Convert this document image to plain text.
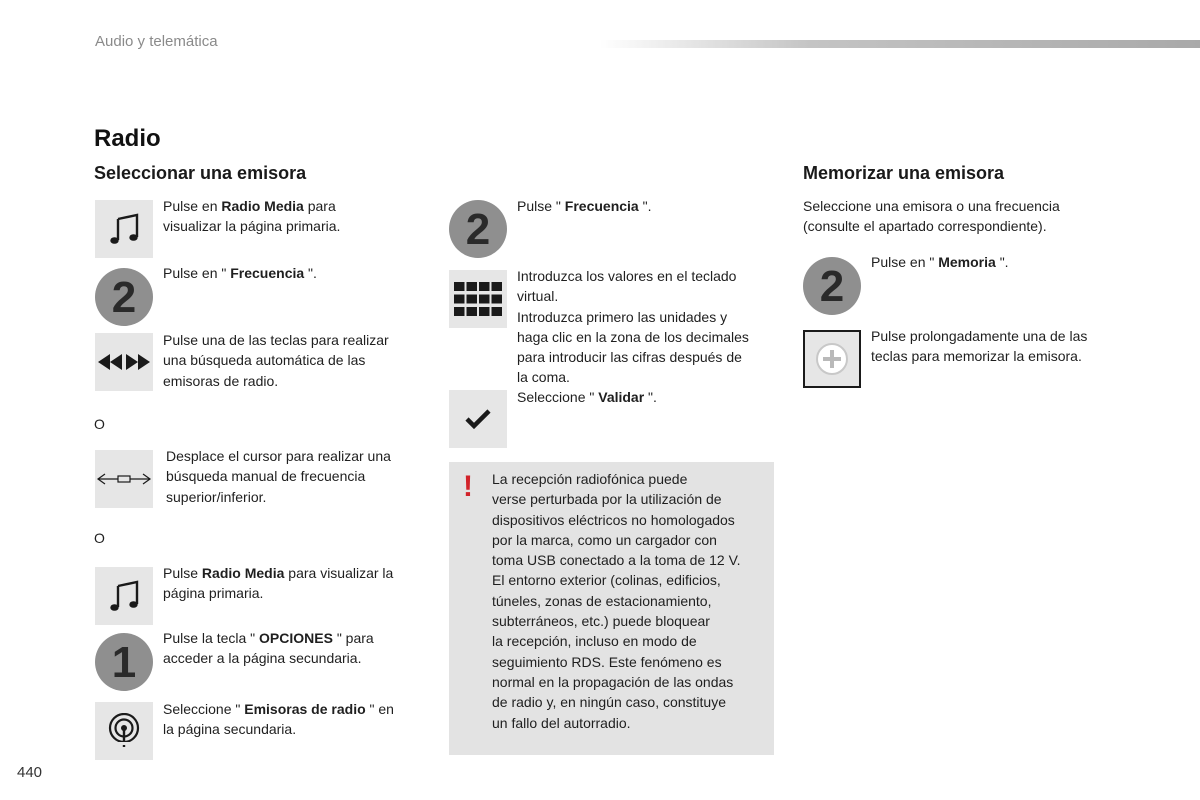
Audio y telemática
Radio
Seleccionar una emisora
Pulse en Radio Media para
visualizar la página primaria.
2 Pulse en " Frecuencia ".
Pulse una de las teclas para realizar
una búsqueda automática de las
emisoras de radio.
O
Desplace el cursor para realizar una
búsqueda manual de frecuencia
superior/inferior.
O
Pulse Radio Media para visualizar la
página primaria.
1 Pulse la tecla " OPCIONES " para
acceder a la página secundaria.
Seleccione " Emisoras de radio " en
la página secundaria.
2 Pulse " Frecuencia ".
Introduzca los valores en el teclado
virtual.
Introduzca primero las unidades y
haga clic en la zona de los decimales
para introducir las cifras después de
la coma.
Seleccione " Validar ".
! La recepción radiofónica puede
verse perturbada por la utilización de
dispositivos eléctricos no homologados
por la marca, como un cargador con
toma USB conectado a la toma de 12 V.
El entorno exterior (colinas, edificios,
túneles, zonas de estacionamiento,
subterráneos, etc.) puede bloquear
la recepción, incluso en modo de
seguimiento RDS. Este fenómeno es
normal en la propagación de las ondas
de radio y, en ningún caso, constituye
un fallo del autorradio.
Memorizar una emisora
Seleccione una emisora o una frecuencia
(consulte el apartado correspondiente).
2 Pulse en " Memoria ".
Pulse prolongadamente una de las
teclas para memorizar la emisora.
440
